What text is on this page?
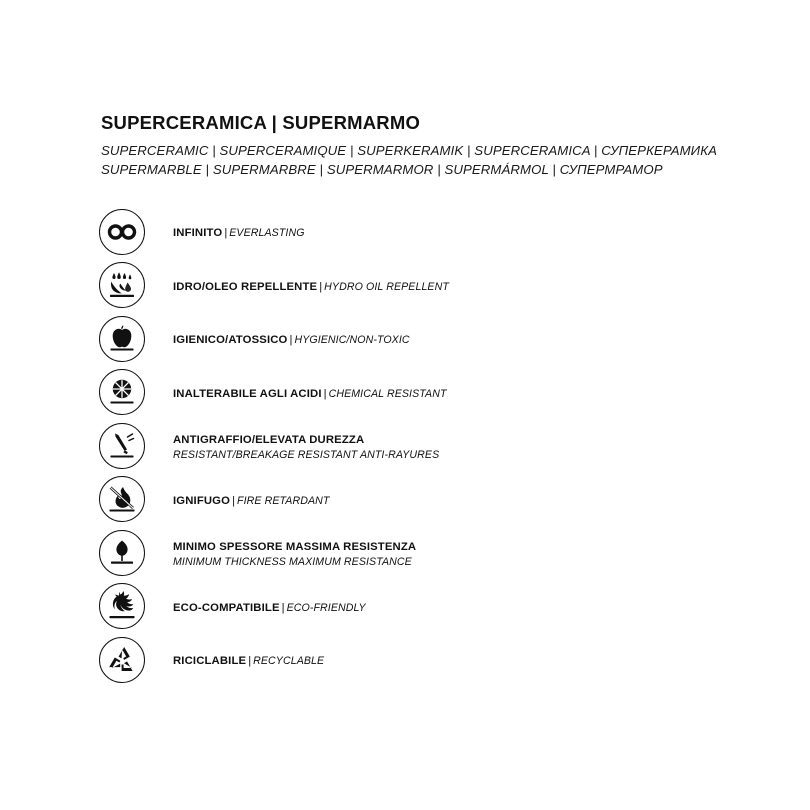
SUPERCERAMICA | SUPERMARMO

SUPERCERAMIC | SUPERCERAMIQUE | SUPERKERAMIK | SUPERCERAMICA | СУПЕРКЕРАМИКА
SUPERMARBLE | SUPERMARBRE | SUPERMARMOR | SUPERMÁRMOL | СУПЕРМРАМОР

INFINITO | EVERLASTING
IDRO/OLEO REPELLENTE | HYDRO OIL REPELLENT
IGIENICO/ATOSSICO | HYGIENIC/NON-TOXIC
INALTERABILE AGLI ACIDI | CHEMICAL RESISTANT
ANTIGRAFFIO/ELEVATA DUREZZA
RESISTANT/BREAKAGE RESISTANT ANTI-RAYURES
IGNIFUGO | FIRE RETARDANT
MINIMO SPESSORE MASSIMA RESISTENZA
MINIMUM THICKNESS MAXIMUM RESISTANCE
ECO-COMPATIBILE | ECO-FRIENDLY
RICICLABILE | RECYCLABLE
